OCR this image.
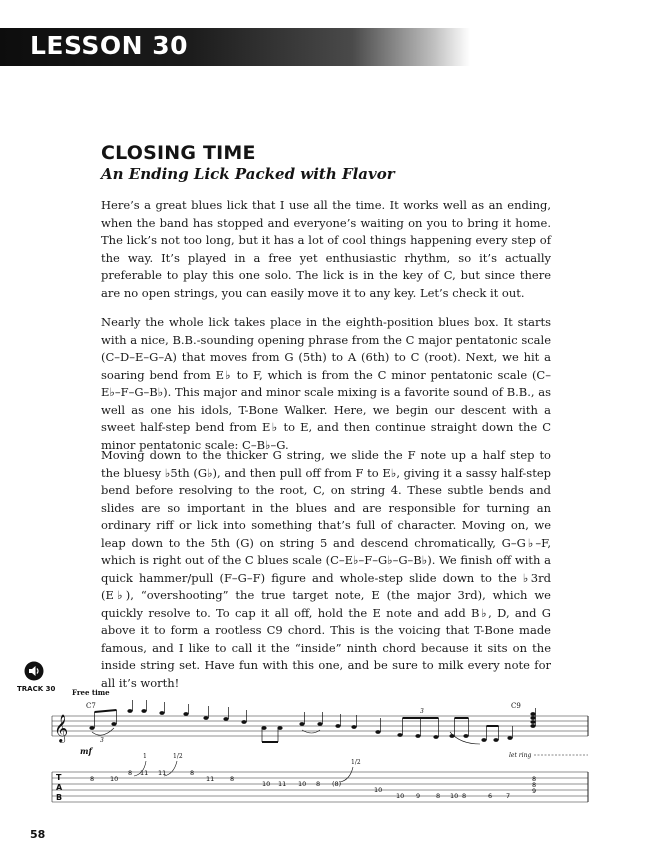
LESSON 30
CLOSING TIME
An Ending Lick Packed with Flavor

Here’s a great blues lick that I use all the time. It works well as an ending, when the band has stopped and everyone’s waiting on you to bring it home. The lick’s not too long, but it has a lot of cool things happening every step of the way. It’s played in a free yet enthusiastic rhythm, so it’s actually preferable to play this one solo. The lick is in the key of C, but since there are no open strings, you can easily move it to any key. Let’s check it out.

Nearly the whole lick takes place in the eighth-position blues box. It starts with a nice, B.B.-sounding opening phrase from the C major pentatonic scale (C–D–E–G–A) that moves from G (5th) to A (6th) to C (root). Next, we hit a soaring bend from E♭ to F, which is from the C minor pentatonic scale (C–E♭–F–G–B♭). This major and minor scale mixing is a favorite sound of B.B., as well as one his idols, T-Bone Walker. Here, we begin our descent with a sweet half-step bend from E♭ to E, and then continue straight down the C minor pentatonic scale: C–B♭–G.

Moving down to the thicker G string, we slide the F note up a half step to the bluesy ♭5th (G♭), and then pull off from F to E♭, giving it a sassy half-step bend before resolving to the root, C, on string 4. These subtle bends and slides are so important in the blues and are responsible for turning an ordinary riff or lick into something that’s full of character. Moving on, we leap down to the 5th (G) on string 5 and descend chromatically, G–G♭–F, which is right out of the C blues scale (C–E♭–F–G♭–G–B♭). We finish off with a quick hammer/pull (F–G–F) figure and whole-step slide down to the ♭3rd (E♭), “overshooting” the true target note, E (the major 3rd), which we quickly resolve to. To cap it all off, hold the E note and add B♭, D, and G above it to form a rootless C9 chord. This is the voicing that T-Bone made famous, and I like to call it the “inside” ninth chord because it sits on the inside string set. Have fun with this one, and be sure to milk every note for all it’s worth!

TRACK 30 Free time
C7	C9
𝄞	3
3
mf	let ring
1	1/2
1/2
T
A
B
8 10
8 11 11	8
11 8
10 11 10 8 (8)
10
10 9 8 10 8	6 7
8
8
9
58
